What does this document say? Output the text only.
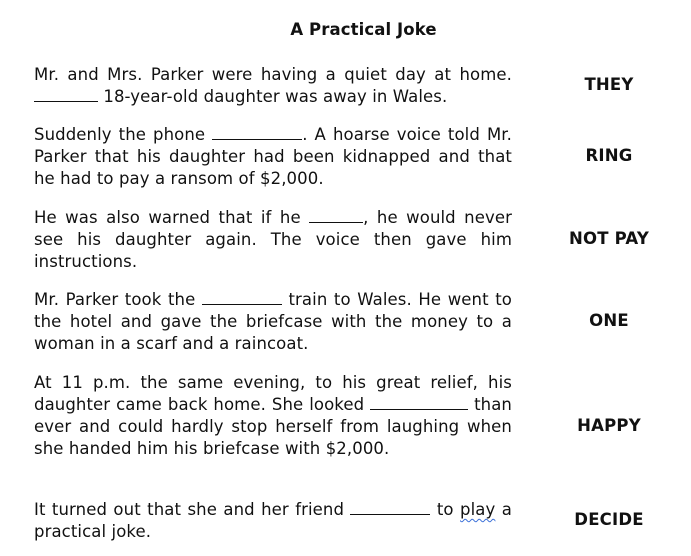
A Practical Joke
Mr. and Mrs. Parker were having a quiet day at home.  18-year-old daughter was away in Wales.
THEY
Suddenly the phone	. A hoarse voice told Mr. Parker that his daughter had been kidnapped and that he had to pay a ransom of $2,000.
RING
He was also warned that if he	, he would never see his daughter again. The voice then gave him instructions.
NOT PAY
Mr. Parker took the	train to Wales. He went to the hotel and gave the briefcase with the money to a woman in a scarf and a raincoat.
ONE
At 11 p.m. the same evening, to his great relief, his daughter came back home. She looked	than ever and could hardly stop herself from laughing when she handed him his briefcase with $2,000.
HAPPY
It turned out that she and her friend	to play a practical joke.
DECIDE
